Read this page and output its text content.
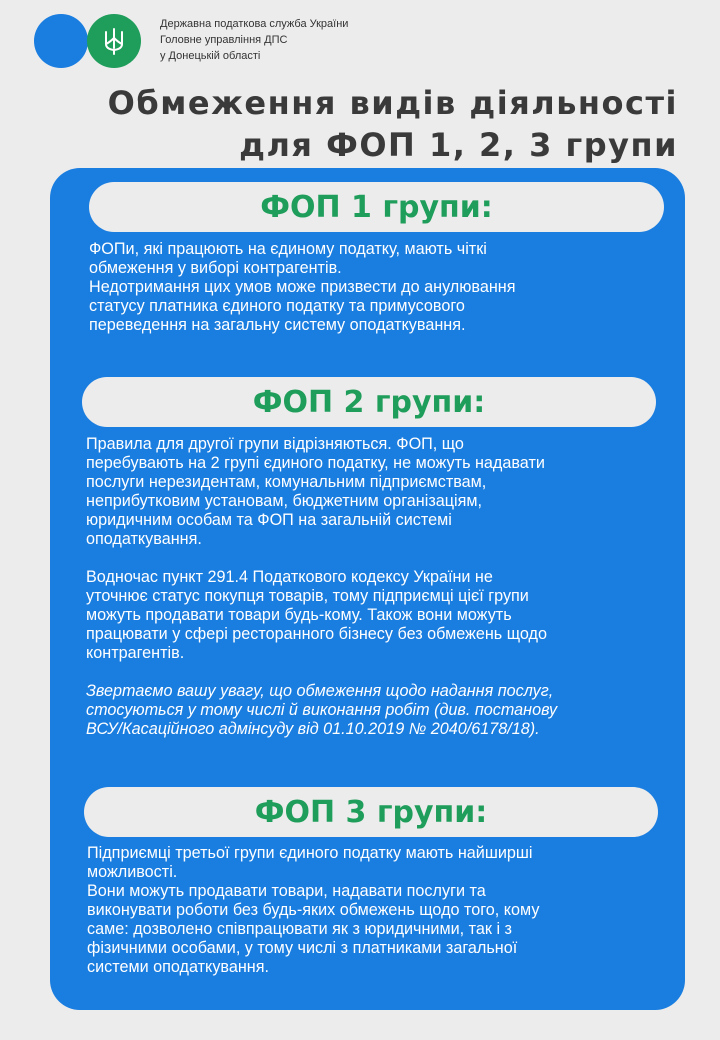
Державна податкова служба України
Головне управління ДПС
у Донецькій області
Обмеження видів діяльності
для ФОП 1, 2, 3 групи
ФОП 1 групи:

ФОПи, які працюють на єдиному податку, мають чіткі

обмеження у виборі контрагентів.

Недотримання цих умов може призвести до анулювання

статусу платника єдиного податку та примусового

переведення на загальну систему оподаткування.

ФОП 2 групи:

Правила для другої групи відрізняються. ФОП, що

перебувають на 2 групі єдиного податку, не можуть надавати

послуги нерезидентам, комунальним підприємствам,

неприбутковим установам, бюджетним організаціям,

юридичним особам та ФОП на загальній системі

оподаткування.

Водночас пункт 291.4 Податкового кодексу України не

уточнює статус покупця товарів, тому підприємці цієї групи

можуть продавати товари будь-кому. Також вони можуть

працювати у сфері ресторанного бізнесу без обмежень щодо

контрагентів.

Звертаємо вашу увагу, що обмеження щодо надання послуг,

стосуються у тому числі й виконання робіт (див. постанову

ВСУ/Касаційного адмінсуду від 01.10.2019 № 2040/6178/18).

ФОП 3 групи:

Підприємці третьої групи єдиного податку мають найширші

можливості.

Вони можуть продавати товари, надавати послуги та

виконувати роботи без будь-яких обмежень щодо того, кому

саме: дозволено співпрацювати як з юридичними, так і з

фізичними особами, у тому числі з платниками загальної

системи оподаткування.
